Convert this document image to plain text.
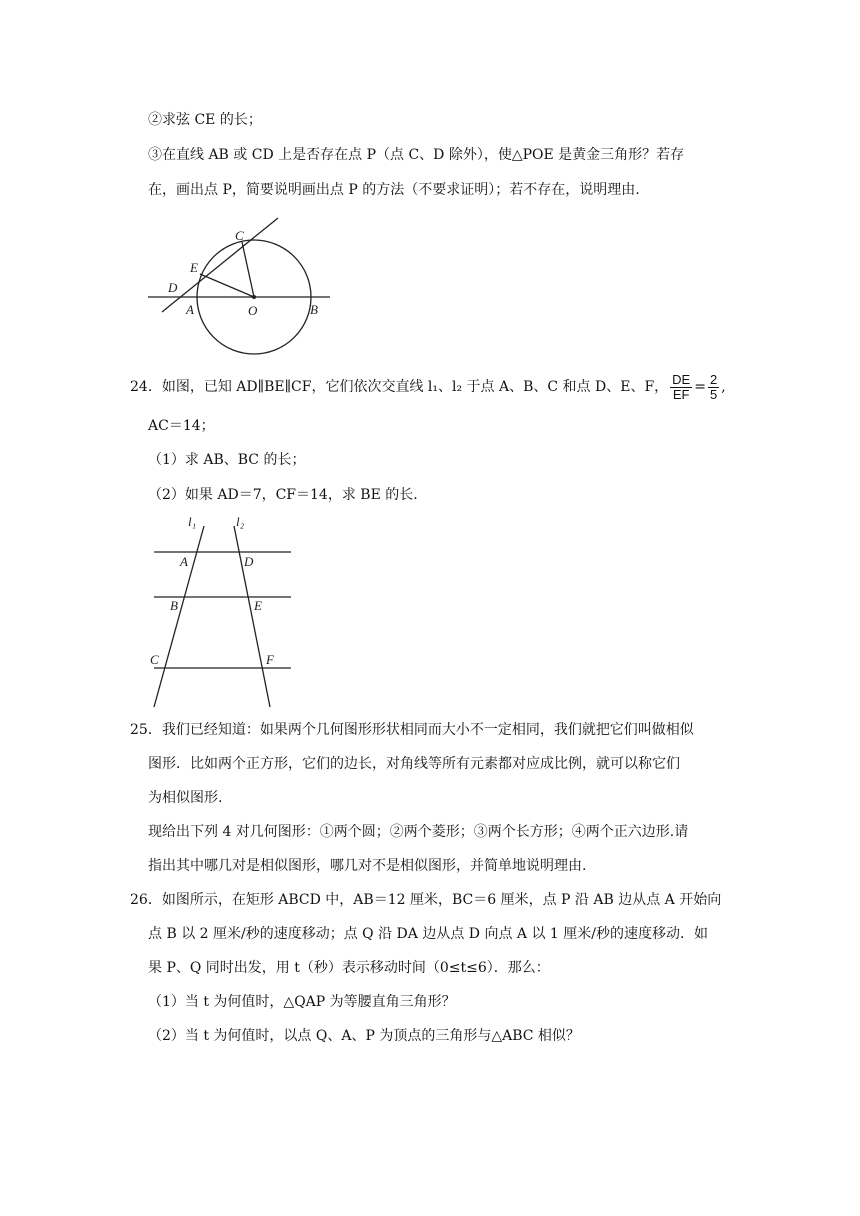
②求弦 CE 的长；
③在直线 AB 或 CD 上是否存在点 P（点 C、D 除外），使△POE 是黄金三角形？若存
在，画出点 P，简要说明画出点 P 的方法（不要求证明）；若不存在，说明理由.
C
E
D
A	O	B
24．如图，已知 AD∥BE∥CF，它们依次交直线 l₁、l₂ 于点 A、B、C 和点 D、E、F， $\frac{DE}{EF} = \frac{2}{5}$ ,
AC＝14；
（1）求 AB、BC 的长；
（2）如果 AD＝7，CF＝14，求 BE 的长.
l₁	l₂
A	D
B	E
C	F
25．我们已经知道：如果两个几何图形形状相同而大小不一定相同，我们就把它们叫做相似
图形．比如两个正方形，它们的边长，对角线等所有元素都对应成比例，就可以称它们
为相似图形.
现给出下列 4 对几何图形：①两个圆；②两个菱形；③两个长方形；④两个正六边形.请
指出其中哪几对是相似图形，哪几对不是相似图形，并简单地说明理由.
26．如图所示，在矩形 ABCD 中，AB＝12 厘米，BC＝6 厘米，点 P 沿 AB 边从点 A 开始向
点 B 以 2 厘米/秒的速度移动；点 Q 沿 DA 边从点 D 向点 A 以 1 厘米/秒的速度移动．如
果 P、Q 同时出发，用 t（秒）表示移动时间（0≤t≤6）．那么：
（1）当 t 为何值时，△QAP 为等腰直角三角形？
（2）当 t 为何值时，以点 Q、A、P 为顶点的三角形与△ABC 相似？
